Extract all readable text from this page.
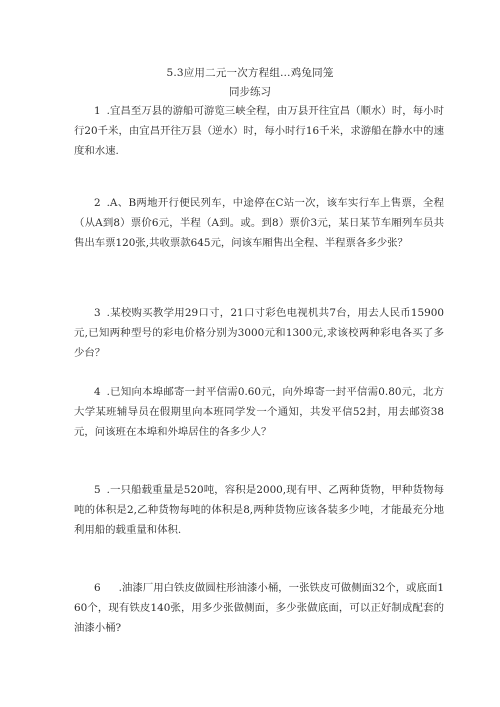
5.3应用二元一次方程组…鸡兔同笼
同步练习
1 .宜昌至万县的游船可游览三峡全程，由万县开往宜昌（顺水）时，每小时行20千米，由宜昌开往万县（逆水）时，每小时行16千米，求游船在静水中的速度和水速.
2 .A、B两地开行便民列车，中途停在C站一次，该车实行车上售票，全程（从A到8）票价6元，半程（A到。或。到8）票价3元，某日某节车厢列车员共售出车票120张,共收票款645元，问该车厢售出全程、半程票各多少张？
3 .某校购买教学用29口寸，21口寸彩色电视机共7台，用去人民币15900元,已知两种型号的彩电价格分别为3000元和1300元,求该校两种彩电各买了多少台？
4 .已知向本埠邮寄一封平信需0.60元，向外埠寄一封平信需0.80元，北方大学某班辅导员在假期里向本班同学发一个通知，共发平信52封，用去邮资38元，问该班在本埠和外埠居住的各多少人？
5 .一只船载重量是520吨，容积是2000,现有甲、乙两种货物，甲种货物每吨的体积是2,乙种货物每吨的体积是8,两种货物应该各装多少吨，才能最充分地利用船的载重量和体积.
6 .油漆厂用白铁皮做圆柱形油漆小桶，一张铁皮可做侧面32个，或底面160个，现有铁皮140张，用多少张做侧面，多少张做底面，可以正好制成配套的油漆小桶?
